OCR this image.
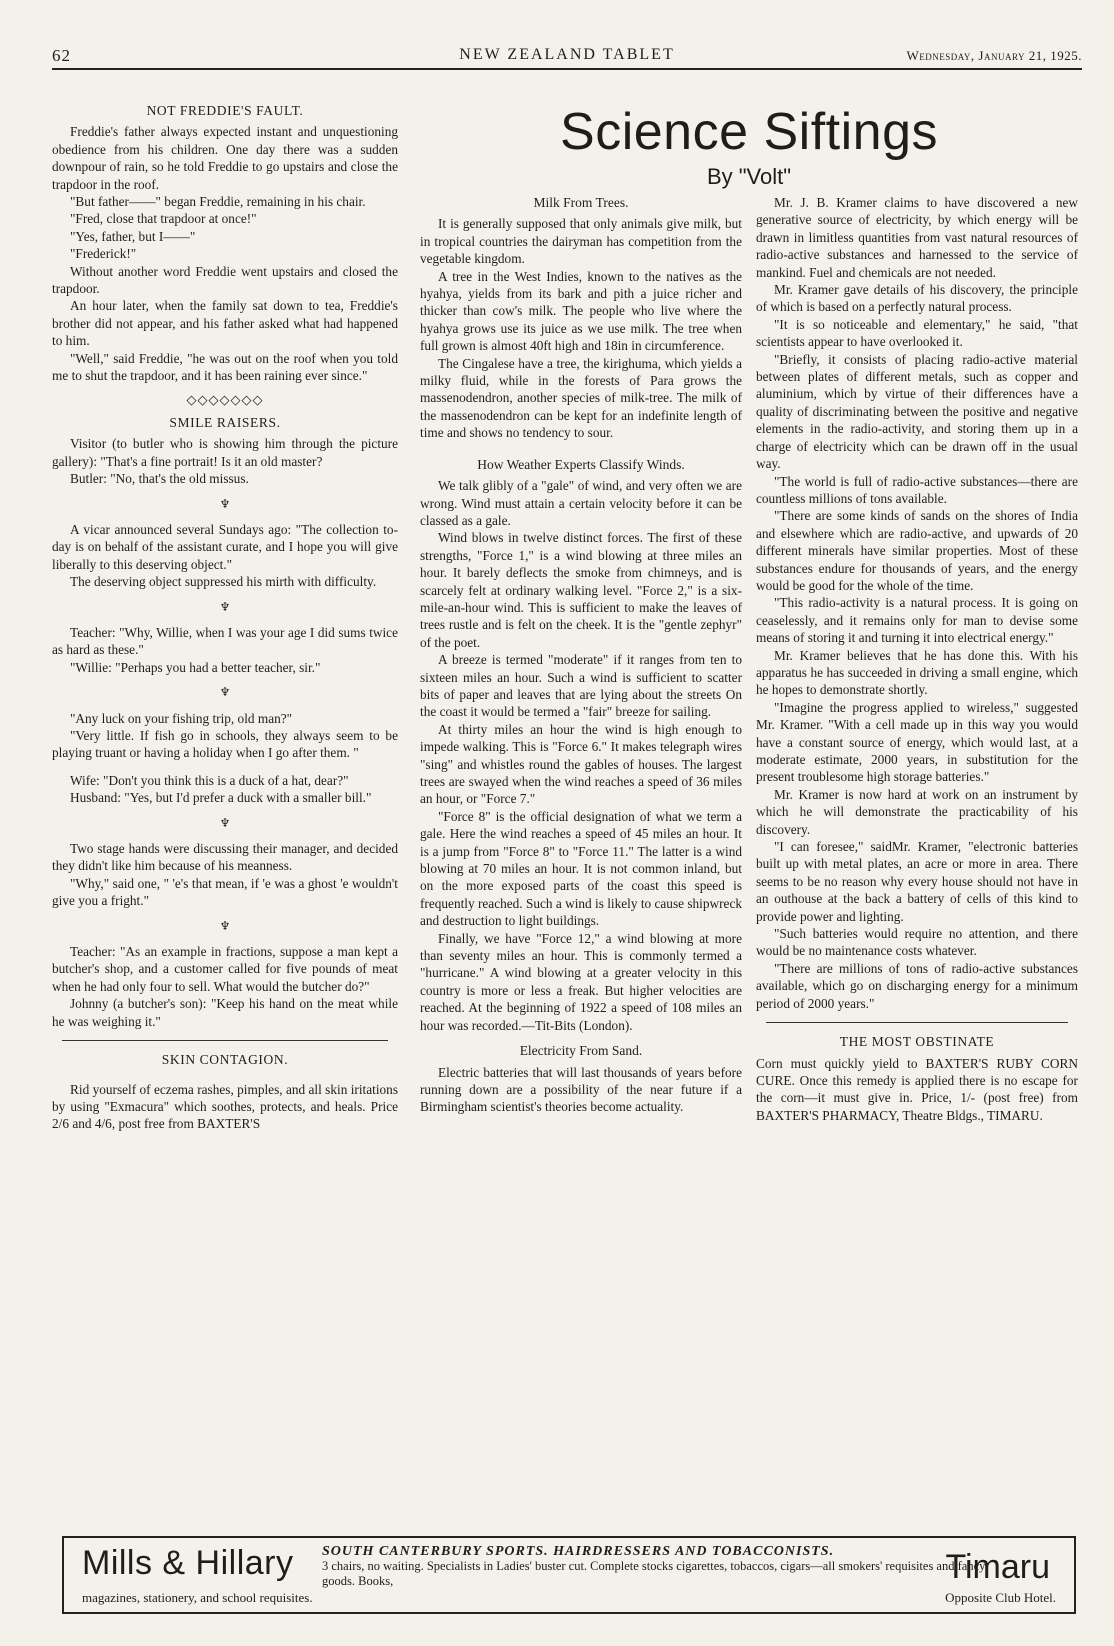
62	NEW ZEALAND TABLET	Wednesday, January 21, 1925.
NOT FREDDIE'S FAULT.

Freddie's father always expected instant and unquestioning obedience from his children. One day there was a sudden downpour of rain, so he told Freddie to go upstairs and close the trapdoor in the roof.

"But father——" began Freddie, remaining in his chair.

"Fred, close that trapdoor at once!"

"Yes, father, but I——"

"Frederick!"

Without another word Freddie went upstairs and closed the trapdoor.

An hour later, when the family sat down to tea, Freddie's brother did not appear, and his father asked what had happened to him.

"Well," said Freddie, "he was out on the roof when you told me to shut the trapdoor, and it has been raining ever since."

◇◇◇◇◇◇◇
SMILE RAISERS.

Visitor (to butler who is showing him through the picture gallery): "That's a fine portrait! Is it an old master?

Butler: "No, that's the old missus.

♆

A vicar announced several Sundays ago: "The collection to-day is on behalf of the assistant curate, and I hope you will give liberally to this deserving object."

The deserving object suppressed his mirth with difficulty.

♆

Teacher: "Why, Willie, when I was your age I did sums twice as hard as these."

"Willie: "Perhaps you had a better teacher, sir."

♆

"Any luck on your fishing trip, old man?"

"Very little. If fish go in schools, they always seem to be playing truant or having a holiday when I go after them. "

Wife: "Don't you think this is a duck of a hat, dear?"

Husband: "Yes, but I'd prefer a duck with a smaller bill."

♆

Two stage hands were discussing their manager, and decided they didn't like him because of his meanness.

"Why," said one, " 'e's that mean, if 'e was a ghost 'e wouldn't give you a fright."

♆

Teacher: "As an example in fractions, suppose a man kept a butcher's shop, and a customer called for five pounds of meat when he had only four to sell. What would the butcher do?"

Johnny (a butcher's son): "Keep his hand on the meat while he was weighing it."

SKIN CONTAGION.

Rid yourself of eczema rashes, pimples, and all skin iritations by using "Exmacura" which soothes, protects, and heals. Price 2/6 and 4/6, post free from BAXTER'S

Science Siftings
By "Volt"
Milk From Trees.

It is generally supposed that only animals give milk, but in tropical countries the dairyman has competition from the vegetable kingdom.

A tree in the West Indies, known to the natives as the hyahya, yields from its bark and pith a juice richer and thicker than cow's milk. The people who live where the hyahya grows use its juice as we use milk. The tree when full grown is almost 40ft high and 18in in circumference.

The Cingalese have a tree, the kirighuma, which yields a milky fluid, while in the forests of Para grows the massenodendron, another species of milk-tree. The milk of the massenodendron can be kept for an indefinite length of time and shows no tendency to sour.

How Weather Experts Classify Winds.

We talk glibly of a "gale" of wind, and very often we are wrong. Wind must attain a certain velocity before it can be classed as a gale.

Wind blows in twelve distinct forces. The first of these strengths, "Force 1," is a wind blowing at three miles an hour. It barely deflects the smoke from chimneys, and is scarcely felt at ordinary walking level. "Force 2," is a six-mile-an-hour wind. This is sufficient to make the leaves of trees rustle and is felt on the cheek. It is the "gentle zephyr" of the poet.

A breeze is termed "moderate" if it ranges from ten to sixteen miles an hour. Such a wind is sufficient to scatter bits of paper and leaves that are lying about the streets On the coast it would be termed a "fair" breeze for sailing.

At thirty miles an hour the wind is high enough to impede walking. This is "Force 6." It makes telegraph wires "sing" and whistles round the gables of houses. The largest trees are swayed when the wind reaches a speed of 36 miles an hour, or "Force 7."

"Force 8" is the official designation of what we term a gale. Here the wind reaches a speed of 45 miles an hour. It is a jump from "Force 8" to "Force 11." The latter is a wind blowing at 70 miles an hour. It is not common inland, but on the more exposed parts of the coast this speed is frequently reached. Such a wind is likely to cause shipwreck and destruction to light buildings.

Finally, we have "Force 12," a wind blowing at more than seventy miles an hour. This is commonly termed a "hurricane." A wind blowing at a greater velocity in this country is more or less a freak. But higher velocities are reached. At the beginning of 1922 a speed of 108 miles an hour was recorded.—Tit-Bits (London).

Electricity From Sand.

Electric batteries that will last thousands of years before running down are a possibility of the near future if a Birmingham scientist's theories become actuality.

Mr. J. B. Kramer claims to have discovered a new generative source of electricity, by which energy will be drawn in limitless quantities from vast natural resources of radio-active substances and harnessed to the service of mankind. Fuel and chemicals are not needed.

Mr. Kramer gave details of his discovery, the principle of which is based on a perfectly natural process.

"It is so noticeable and elementary," he said, "that scientists appear to have overlooked it.

"Briefly, it consists of placing radio-active material between plates of different metals, such as copper and aluminium, which by virtue of their differences have a quality of discriminating between the positive and negative elements in the radio-activity, and storing them up in a charge of electricity which can be drawn off in the usual way.

"The world is full of radio-active substances—there are countless millions of tons available.

"There are some kinds of sands on the shores of India and elsewhere which are radio-active, and upwards of 20 different minerals have similar properties. Most of these substances endure for thousands of years, and the energy would be good for the whole of the time.

"This radio-activity is a natural process. It is going on ceaselessly, and it remains only for man to devise some means of storing it and turning it into electrical energy."

Mr. Kramer believes that he has done this. With his apparatus he has succeeded in driving a small engine, which he hopes to demonstrate shortly.

"Imagine the progress applied to wireless," suggested Mr. Kramer. "With a cell made up in this way you would have a constant source of energy, which would last, at a moderate estimate, 2000 years, in substitution for the present troublesome high storage batteries."

Mr. Kramer is now hard at work on an instrument by which he will demonstrate the practicability of his discovery.

"I can foresee," saidMr. Kramer, "electronic batteries built up with metal plates, an acre or more in area. There seems to be no reason why every house should not have in an outhouse at the back a battery of cells of this kind to provide power and lighting.

"Such batteries would require no attention, and there would be no maintenance costs whatever.

"There are millions of tons of radio-active substances available, which go on discharging energy for a minimum period of 2000 years."

THE MOST OBSTINATE

Corn must quickly yield to BAXTER'S RUBY CORN CURE. Once this remedy is applied there is no escape for the corn—it must give in. Price, 1/- (post free) from BAXTER'S PHARMACY, Theatre Bldgs., TIMARU.

Mills & Hillary
magazines, stationery, and school requisites.
SOUTH CANTERBURY SPORTS. HAIRDRESSERS AND TOBACCONISTS.
3 chairs, no waiting. Specialists in Ladies' buster cut. Complete stocks cigarettes, tobaccos, cigars—all smokers' requisites and fancy goods. Books,	Timaru
Opposite Club Hotel.
